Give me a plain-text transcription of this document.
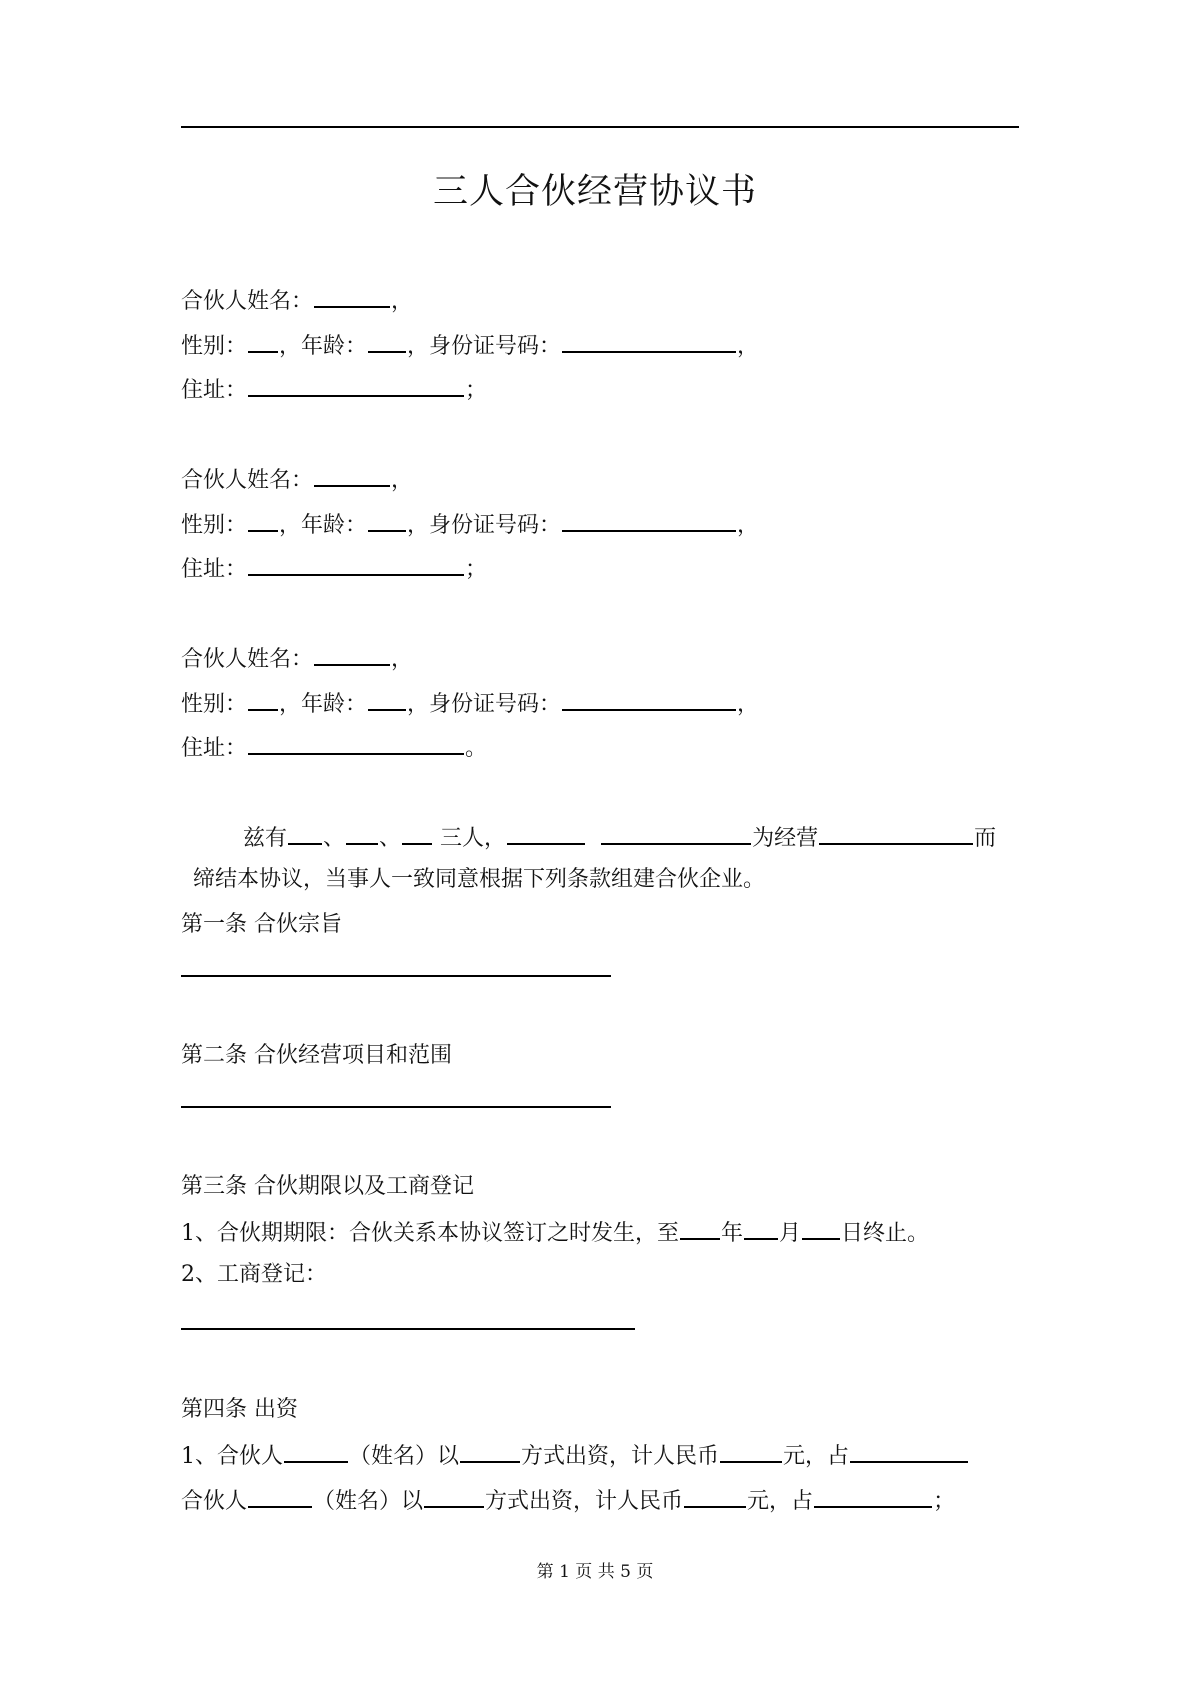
三人合伙经营协议书
合伙人姓名：	，
性别： ，年龄： ，身份证号码：	，
住址：	；
合伙人姓名：	，
性别： ，年龄： ，身份证号码：	，
住址：	；
合伙人姓名：	，
性别： ，年龄： ，身份证号码：	，
住址：	。
兹有 、 、 三人，	为经营	而
缔结本协议，当事人一致同意根据下列条款组建合伙企业。
第一条 合伙宗旨
第二条 合伙经营项目和范围
第三条 合伙期限以及工商登记
1、合伙期期限：合伙关系本协议签订之时发生，至 年 月 日终止。
2、工商登记：
第四条 出资
1、合伙人	（姓名）以	方式出资，计人民币	元，占
合伙人	（姓名）以	方式出资，计人民币	元，占	；
第 1 页 共 5 页
